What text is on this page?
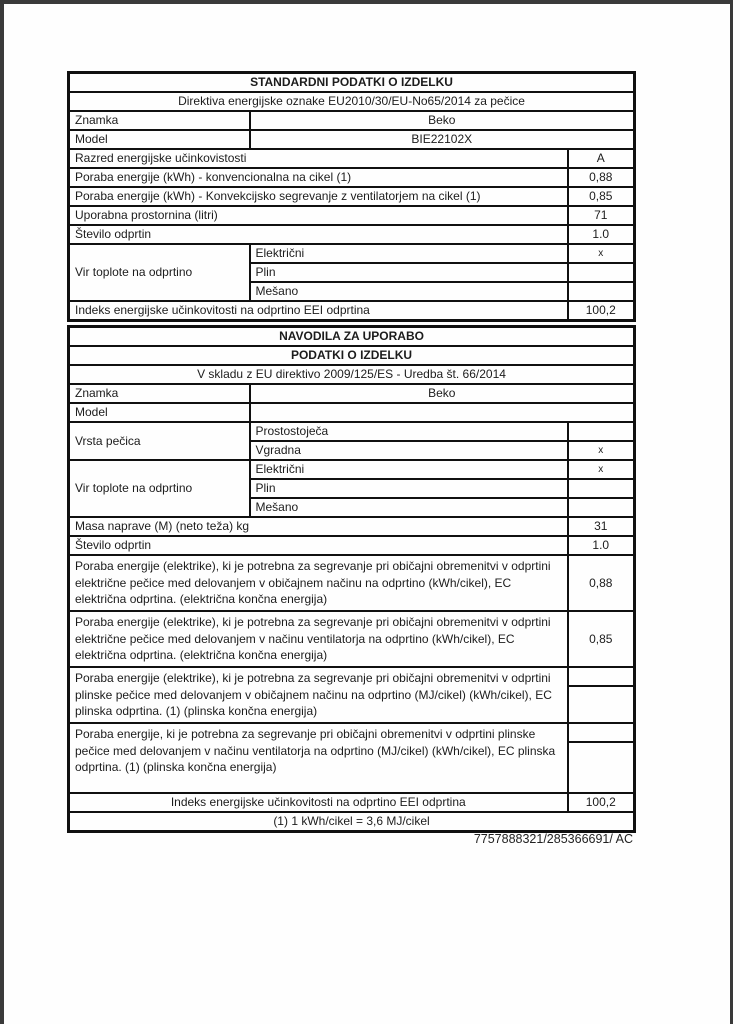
STANDARDNI PODATKI O IZDELKU		
Direktiva energijske oznake EU2010/30/EU-No65/2014 za pečice		
Znamka	Beko	
Model	BIE22102X	
Razred energijske učinkovistosti		A
Poraba energije (kWh) - konvencionalna na cikel (1)		0,88
Poraba energije (kWh) - Konvekcijsko segrevanje z ventilatorjem na cikel (1)		0,85
Uporabna prostornina (litri)		71
Število odprtin		1.0
Vir toplote na odprtino	Električni	x
	Plin	
	Mešano	
Indeks energijske učinkovitosti na odprtino EEI odprtina		100,2
NAVODILA ZA UPORABO		
PODATKI O IZDELKU		
V skladu z EU direktivo 2009/125/ES - Uredba št. 66/2014		
Znamka	Beko	
Model		
Vrsta pečica	Prostostoječa	
	Vgradna	x
Vir toplote na odprtino	Električni	x
	Plin	
	Mešano	
Masa naprave (M) (neto teža) kg		31
Število odprtin		1.0
Poraba energije (elektrike), ki je potrebna za segrevanje pri običajni obremenitvi v odprtini električne pečice med delovanjem v običajnem načinu na odprtino (kWh/cikel), EC električna odprtina. (električna končna energija)		0,88
Poraba energije (elektrike), ki je potrebna za segrevanje pri običajni obremenitvi v odprtini električne pečice med delovanjem v načinu ventilatorja na odprtino (kWh/cikel), EC električna odprtina. (električna končna energija)		0,85
Poraba energije (elektrike), ki je potrebna za segrevanje pri običajni obremenitvi v odprtini plinske pečice med delovanjem v običajnem načinu na odprtino (MJ/cikel) (kWh/cikel), EC plinska odprtina. (1) (plinska končna energija)		

Poraba energije, ki je potrebna za segrevanje pri običajni obremenitvi v odprtini plinske pečice med delovanjem v načinu ventilatorja na odprtino (MJ/cikel) (kWh/cikel), EC plinska odprtina. (1) (plinska končna energija)		

Indeks energijske učinkovitosti na odprtino EEI odprtina		100,2
(1) 1 kWh/cikel = 3,6 MJ/cikel		
7757888321/285366691/ AC
